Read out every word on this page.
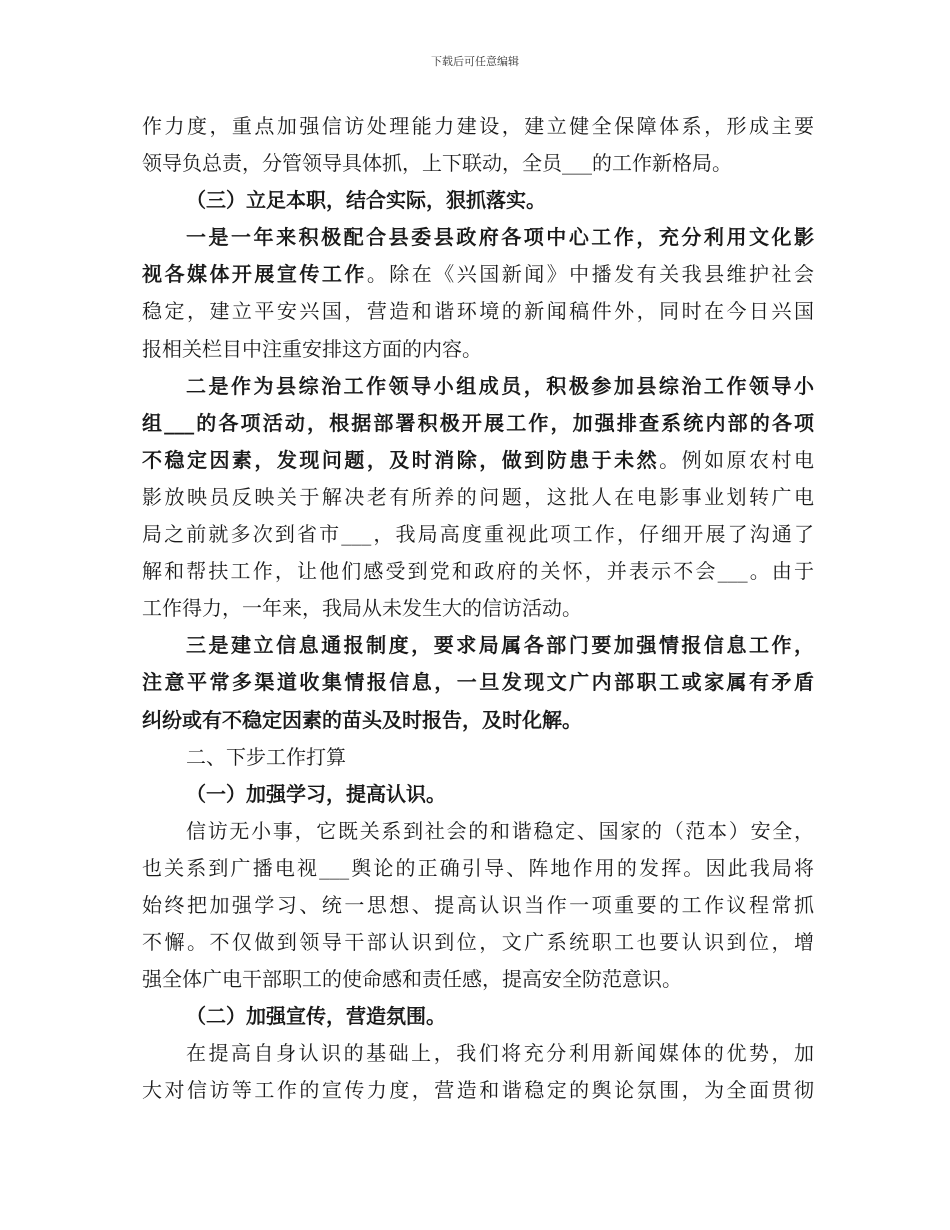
下载后可任意编辑
作力度，重点加强信访处理能力建设，建立健全保障体系，形成主要
领导负总责，分管领导具体抓，上下联动，全员___的工作新格局。
（三）立足本职，结合实际，狠抓落实。
一是一年来积极配合县委县政府各项中心工作，充分利用文化影
视各媒体开展宣传工作。除在《兴国新闻》中播发有关我县维护社会
稳定，建立平安兴国，营造和谐环境的新闻稿件外，同时在今日兴国
报相关栏目中注重安排这方面的内容。
二是作为县综治工作领导小组成员，积极参加县综治工作领导小
组___的各项活动，根据部署积极开展工作，加强排查系统内部的各项
不稳定因素，发现问题，及时消除，做到防患于未然。例如原农村电
影放映员反映关于解决老有所养的问题，这批人在电影事业划转广电
局之前就多次到省市___，我局高度重视此项工作，仔细开展了沟通了
解和帮扶工作，让他们感受到党和政府的关怀，并表示不会___。由于
工作得力，一年来，我局从未发生大的信访活动。
三是建立信息通报制度，要求局属各部门要加强情报信息工作，
注意平常多渠道收集情报信息，一旦发现文广内部职工或家属有矛盾
纠纷或有不稳定因素的苗头及时报告，及时化解。
二、下步工作打算
（一）加强学习，提高认识。
信访无小事，它既关系到社会的和谐稳定、国家的（范本）安全，
也关系到广播电视___舆论的正确引导、阵地作用的发挥。因此我局将
始终把加强学习、统一思想、提高认识当作一项重要的工作议程常抓
不懈。不仅做到领导干部认识到位，文广系统职工也要认识到位，增
强全体广电干部职工的使命感和责任感，提高安全防范意识。
（二）加强宣传，营造氛围。
在提高自身认识的基础上，我们将充分利用新闻媒体的优势，加
大对信访等工作的宣传力度，营造和谐稳定的舆论氛围，为全面贯彻
